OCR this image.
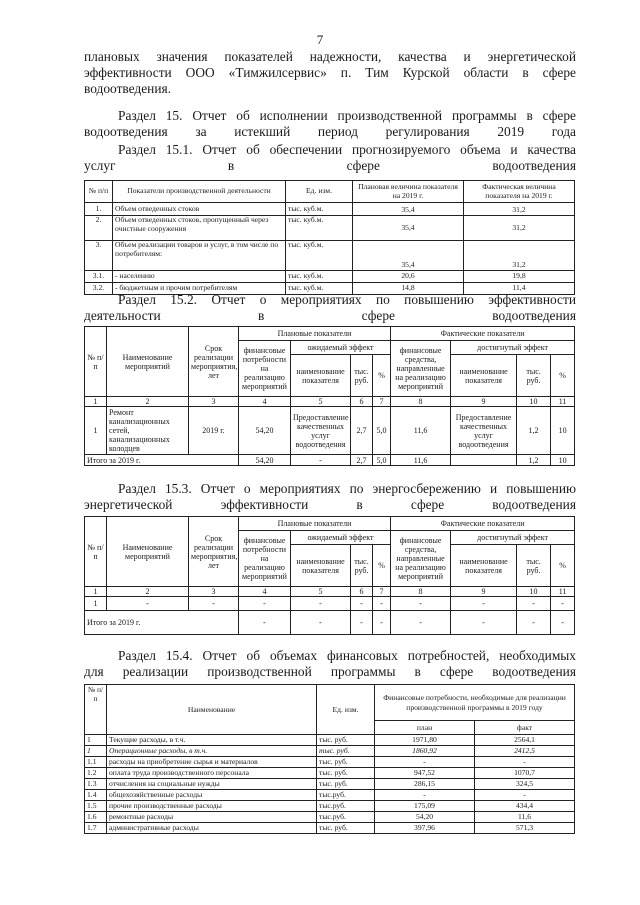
7
плановых значения показателей надежности, качества и энергетической
эффективности ООО «Тимжилсервис» п. Тим Курской области в сфере
водоотведения.
Раздел 15. Отчет об исполнении производственной программы в сфере
водоотведения за истекший период регулирования 2019 года
Раздел 15.1. Отчет об обеспечении прогнозируемого объема и качества
услуг в сфере водоотведения
№ п/п	Показатели производственной деятельности	Ед. изм.	Плановая величина показателя на 2019 г.	Фактическая величина показателя на 2019 г.
1.	Объем отведенных стоков	тыс. куб.м.	35,4	31,2
2.	Объем отведенных стоков, пропущенный через очистные сооружения	тыс. куб.м.	35,4	31,2
3.	Объем реализации товаров и услуг, в том числе по потребителям:	тыс. куб.м.	35,4	31,2
3.1.	- населению	тыс. куб.м.	20,6	19,8
3.2.	- бюджетным и прочим потребителям	тыс. куб.м.	14,8	11,4
Раздел 15.2. Отчет о мероприятиях по повышению эффективности
деятельности в сфере водоотведения
№ п/ п	Наименование мероприятий	Срок реализации мероприятия, лет	Плановые показатели				Фактические показатели			
			финансовые потребности на реализацию мероприятий	ожидаемый эффект			финансовые средства, направленные на реализацию мероприятий	достигнутый эффект		
				наименование показателя	тыс. руб.	%		наименование показателя	тыс. руб.	%
1	2	3	4	5	6	7	8	9	10	11
1	Ремонт канализационных сетей, канализационных колодцев	2019 г.	54,20	Предоставление качественных услуг водоотведения	2,7	5,0	11,6	Предоставление качественных услуг водоотведения	1,2	10
Итого за 2019 г.			54,20	-	2,7	5,0	11,6		1,2	10
Раздел 15.3. Отчет о мероприятиях по энергосбережению и повышению
энергетической эффективности в сфере водоотведения
№ п/ п	Наименование мероприятий	Срок реализации мероприятия, лет	Плановые показатели				Фактические показатели			
			финансовые потребности на реализацию мероприятий	ожидаемый эффект			финансовые средства, направленные на реализацию мероприятий	достигнутый эффект		
				наименование показателя	тыс. руб.	%		наименование показателя	тыс. руб.	%
1	2	3	4	5	6	7	8	9	10	11
1	-	-	-	-	-	-	-	-	-	-
Итого за 2019 г.			-	-	-	-	-	-	-	-
Раздел 15.4. Отчет об объемах финансовых потребностей, необходимых
для реализации производственной программы в сфере водоотведения
№ п/п	Наименование	Ед. изм.	Финансовые потребности, необходимые для реализации производственной программы в 2019 году	
			план	факт
1	Текущие расходы, в т.ч.	тыс. руб.	1971,80	2564,1
1	Операционные расходы, в т.ч.	тыс. руб.	1860,92	2412,5
1.1	расходы на приобретение сырья и материалов	тыс. руб.	-	-
1.2	оплата труда производственного персонала	тыс. руб.	947,52	1070,7
1.3	отчисления на социальные нужды	тыс. руб.	286,15	324,5
1.4	общехозяйственные расходы	тыс.руб.	-	-
1.5	прочие производственные расходы	тыс.руб.	175,09	434,4
1.6	ремонтные расходы	тыс.руб.	54,20	11,6
1.7	административные расходы	тыс. руб.	397,96	571,3
